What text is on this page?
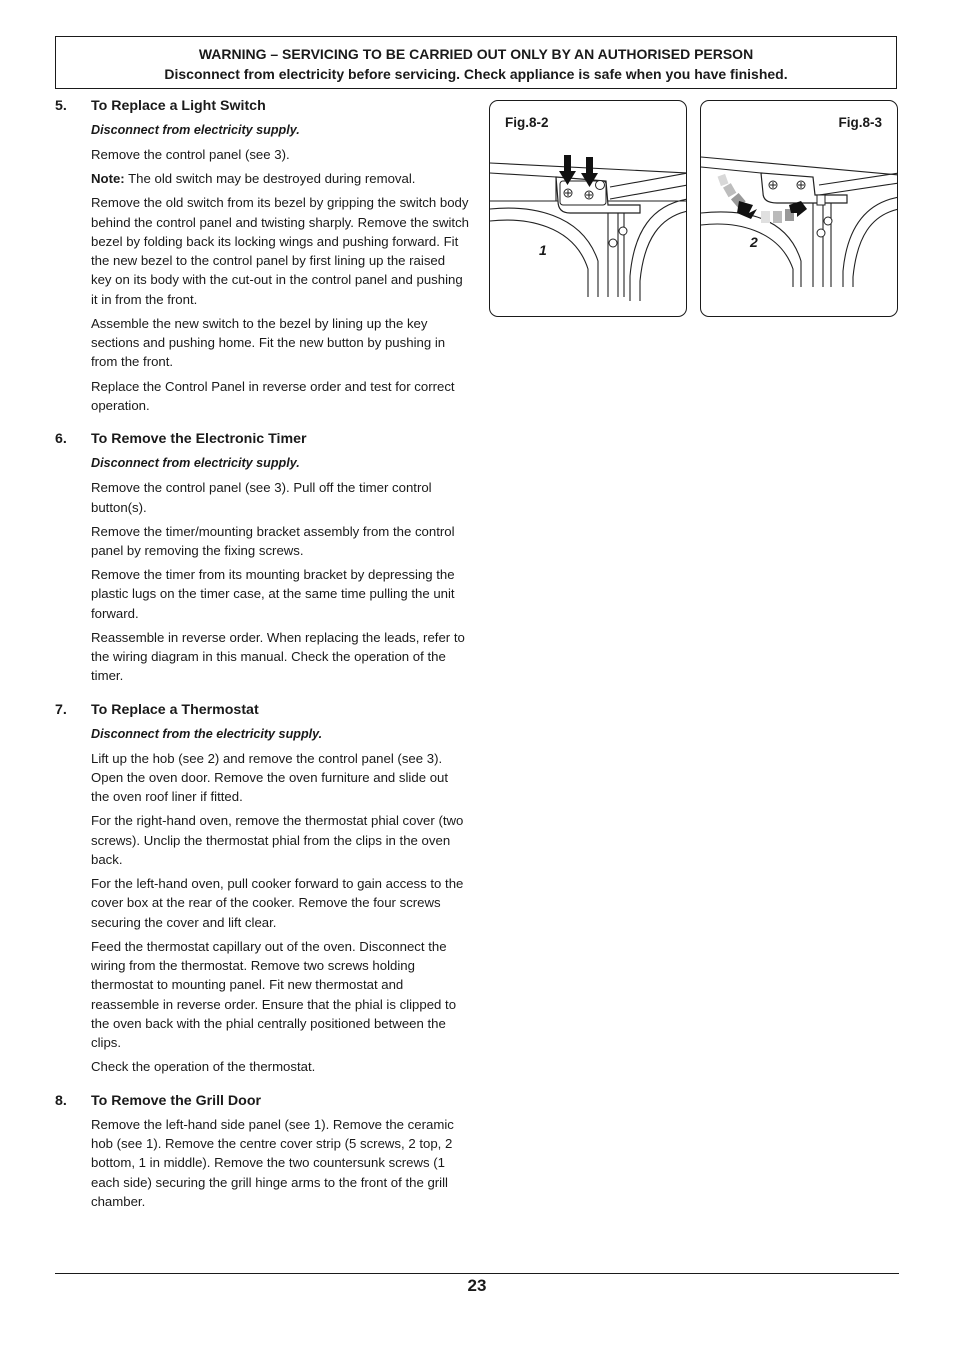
WARNING – SERVICING TO BE CARRIED OUT ONLY BY AN AUTHORISED PERSON
Disconnect from electricity before servicing. Check appliance is safe when you have finished.
5.	To Replace a Light Switch

Disconnect from electricity supply.

Remove the control panel (see 3).

Note: The old switch may be destroyed during removal.

Remove the old switch from its bezel by gripping the switch body behind the control panel and twisting sharply. Remove the switch bezel by folding back its locking wings and pushing forward. Fit the new bezel to the control panel by first lining up the raised key on its body with the cut-out in the control panel and pushing it in from the front.

Assemble the new switch to the bezel by lining up the key sections and pushing home. Fit the new button by pushing in from the front.

Replace the Control Panel in reverse order and test for correct operation.

6.	To Remove the Electronic Timer

Disconnect from electricity supply.

Remove the control panel (see 3). Pull off the timer control button(s).

Remove the timer/mounting bracket assembly from the control panel by removing the fixing screws.

Remove the timer from its mounting bracket by depressing the plastic lugs on the timer case, at the same time pulling the unit forward.

Reassemble in reverse order. When replacing the leads, refer to the wiring diagram in this manual. Check the operation of the timer.

7.	To Replace a Thermostat

Disconnect from the electricity supply.

Lift up the hob (see 2) and remove the control panel (see 3). Open the oven door. Remove the oven furniture and slide out the oven roof liner if fitted.

For the right-hand oven, remove the thermostat phial cover (two screws). Unclip the thermostat phial from the clips in the oven back.

For the left-hand oven, pull cooker forward to gain access to the cover box at the rear of the cooker. Remove the four screws securing the cover and lift clear.

Feed the thermostat capillary out of the oven. Disconnect the wiring from the thermostat. Remove two screws holding thermostat to mounting panel. Fit new thermostat and reassemble in reverse order. Ensure that the phial is clipped to the oven back with the phial centrally positioned between the clips.

Check the operation of the thermostat.

8.	To Remove the Grill Door

Remove the left-hand side panel (see 1). Remove the ceramic hob (see 1). Remove the centre cover strip (5 screws, 2 top, 2 bottom, 1 in middle). Remove the two countersunk screws (1 each side) securing the grill hinge arms to the front of the grill chamber.

Fig.8-2
1
Fig.8-3
2
23
